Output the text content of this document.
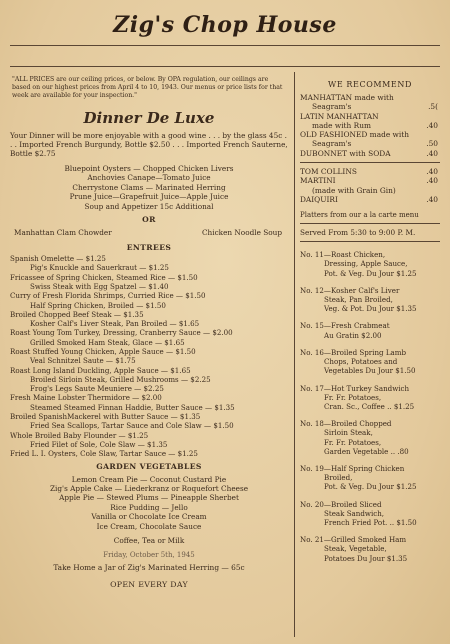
Zig's Chop House
"ALL PRICES are our ceiling prices, or below. By OPA regulation, our ceilings are based on our highest prices from April 4 to 10, 1943. Our menus or price lists for that week are available for your inspection."
Dinner De Luxe
Your Dinner will be more enjoyable with a good wine . . . by the glass 45c . . . Imported French Burgundy, Bottle $2.50 . . . Imported French Sauterne, Bottle $2.75
Bluepoint Oysters — Chopped Chicken Livers
Anchovies Canape—Tomato Juice
Cherrystone Clams — Marinated Herring
Prune Juice—Grapefruit Juice—Apple Juice
Soup and Appetizer 15c Additional
OR
Manhattan Clam Chowder	Chicken Noodle Soup
ENTREES
Spanish Omelette — $1.25
Pig's Knuckle and Sauerkraut — $1.25
Fricassee of Spring Chicken, Steamed Rice — $1.50
Swiss Steak with Egg Spatzel — $1.40
Curry of Fresh Florida Shrimps, Curried Rice — $1.50
Half Spring Chicken, Broiled — $1.50
Broiled Chopped Beef Steak — $1.35
Kosher Calf's Liver Steak, Pan Broiled — $1.65
Roast Young Tom Turkey, Dressing, Cranberry Sauce — $2.00
Grilled Smoked Ham Steak, Glace — $1.65
Roast Stuffed Young Chicken, Apple Sauce — $1.50
Veal Schnitzel Saute — $1.75
Roast Long Island Duckling, Apple Sauce — $1.65
Broiled Sirloin Steak, Grilled Mushrooms — $2.25
Frog's Legs Saute Meuniere — $2.25
Fresh Maine Lobster Thermidore — $2.00
Steamed Steamed Finnan Haddie, Butter Sauce — $1.35
Broiled SpanishMackerel with Butter Sauce — $1.35
Fried Sea Scallops, Tartar Sauce and Cole Slaw — $1.50
Whole Broiled Baby Flounder — $1.25
Fried Filet of Sole, Cole Slaw — $1.35
Fried L. I. Oysters, Cole Slaw, Tartar Sauce — $1.25
GARDEN VEGETABLES
Lemon Cream Pie — Coconut Custard Pie
Zig's Apple Cake — Liederkranz or Roquefort Cheese
Apple Pie — Stewed Plums — Pineapple Sherbet
Rice Pudding — Jello
Vanilla or Chocolate Ice Cream
Ice Cream, Chocolate Sauce
Coffee, Tea or Milk
Friday, October 5th, 1945
Take Home a Jar of Zig's Marinated Herring — 65c
OPEN EVERY DAY
WE RECOMMEND
MANHATTAN made with
Seagram's	.5(
LATIN MANHATTAN
made with Rum	.40
OLD FASHIONED made with
Seagram's	.50
DUBONNET with SODA	.40
TOM COLLINS	.40
MARTINI	.40
(made with Grain Gin)
DAIQUIRI	.40
Platters from our a la carte menu
Served From 5:30 to 9:00 P. M.
No. 11—Roast Chicken,
Dressing, Apple Sauce,
Pot. & Veg. Du Jour $1.25
No. 12—Kosher Calf's Liver
Steak, Pan Broiled,
Veg. & Pot. Du Jour $1.35
No. 15—Fresh Crabmeat
Au Gratin $2.00
No. 16—Broiled Spring Lamb
Chops, Potatoes and
Vegetables Du Jour $1.50
No. 17—Hot Turkey Sandwich
Fr. Fr. Potatoes,
Cran. Sc., Coffee .. $1.25
No. 18—Broiled Chopped
Sirloin Steak,
Fr. Fr. Potatoes,
Garden Vegetable .. .80
No. 19—Half Spring Chicken
Broiled,
Pot. & Veg. Du Jour $1.25
No. 20—Broiled Sliced
Steak Sandwich,
French Fried Pot. .. $1.50
No. 21—Grilled Smoked Ham
Steak, Vegetable,
Potatoes Du Jour $1.35
